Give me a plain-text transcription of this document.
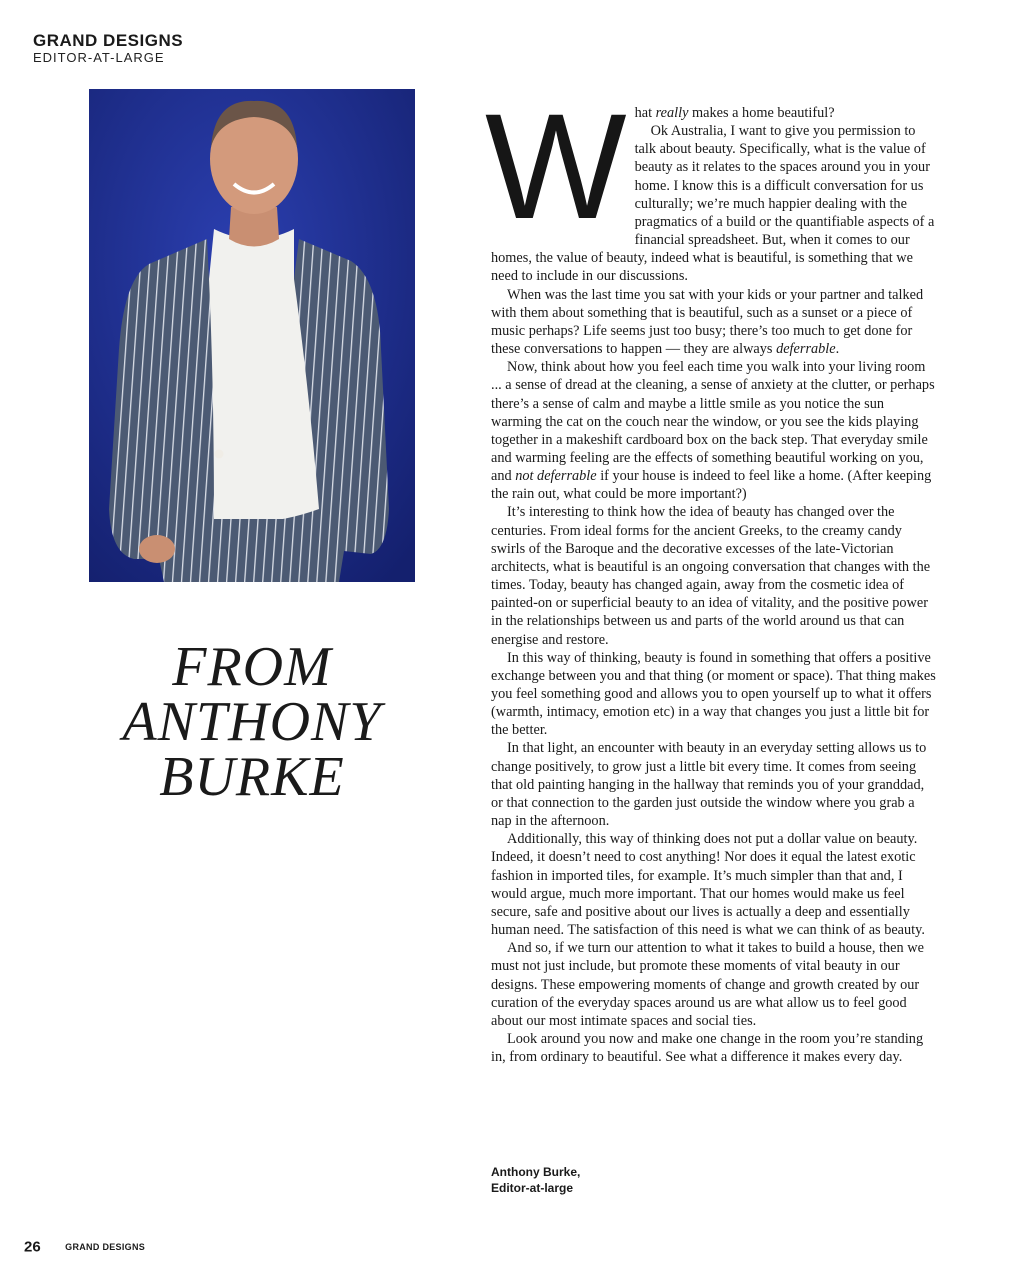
GRAND DESIGNS
EDITOR-AT-LARGE
FROM
ANTHONY
BURKE
W hat really makes a home beautiful?
Ok Australia, I want to give you permission to talk about beauty. Specifically, what is the value of beauty as it relates to the spaces around you in your home. I know this is a difficult conversation for us culturally; we’re much happier dealing with the pragmatics of a build or the quantifiable aspects of a financial spreadsheet. But, when it comes to our homes, the value of beauty, indeed what is beautiful, is something that we need to include in our discussions.

When was the last time you sat with your kids or your partner and talked with them about something that is beautiful, such as a sunset or a piece of music perhaps? Life seems just too busy; there’s too much to get done for these conversations to happen — they are always deferrable.

Now, think about how you feel each time you walk into your living room ... a sense of dread at the cleaning, a sense of anxiety at the clutter, or perhaps there’s a sense of calm and maybe a little smile as you notice the sun warming the cat on the couch near the window, or you see the kids playing together in a makeshift cardboard box on the back step. That everyday smile and warming feeling are the effects of something beautiful working on you, and not deferrable if your house is indeed to feel like a home. (After keeping the rain out, what could be more important?)

It’s interesting to think how the idea of beauty has changed over the centuries. From ideal forms for the ancient Greeks, to the creamy candy swirls of the Baroque and the decorative excesses of the late-Victorian architects, what is beautiful is an ongoing conversation that changes with the times. Today, beauty has changed again, away from the cosmetic idea of painted-on or superficial beauty to an idea of vitality, and the positive power in the relationships between us and parts of the world around us that can energise and restore.

In this way of thinking, beauty is found in something that offers a positive exchange between you and that thing (or moment or space). That thing makes you feel something good and allows you to open yourself up to what it offers (warmth, intimacy, emotion etc) in a way that changes you just a little bit for the better.

In that light, an encounter with beauty in an everyday setting allows us to change positively, to grow just a little bit every time. It comes from seeing that old painting hanging in the hallway that reminds you of your granddad, or that connection to the garden just outside the window where you grab a nap in the afternoon.

Additionally, this way of thinking does not put a dollar value on beauty. Indeed, it doesn’t need to cost anything! Nor does it equal the latest exotic fashion in imported tiles, for example. It’s much simpler than that and, I would argue, much more important. That our homes would make us feel secure, safe and positive about our lives is actually a deep and essentially human need. The satisfaction of this need is what we can think of as beauty.

And so, if we turn our attention to what it takes to build a house, then we must not just include, but promote these moments of vital beauty in our designs. These empowering moments of change and growth created by our curation of the everyday spaces around us are what allow us to feel good about our most intimate spaces and social ties.

Look around you now and make one change in the room you’re standing in, from ordinary to beautiful. See what a difference it makes every day.

Anthony Burke,
Editor-at-large
26	GRAND DESIGNS
